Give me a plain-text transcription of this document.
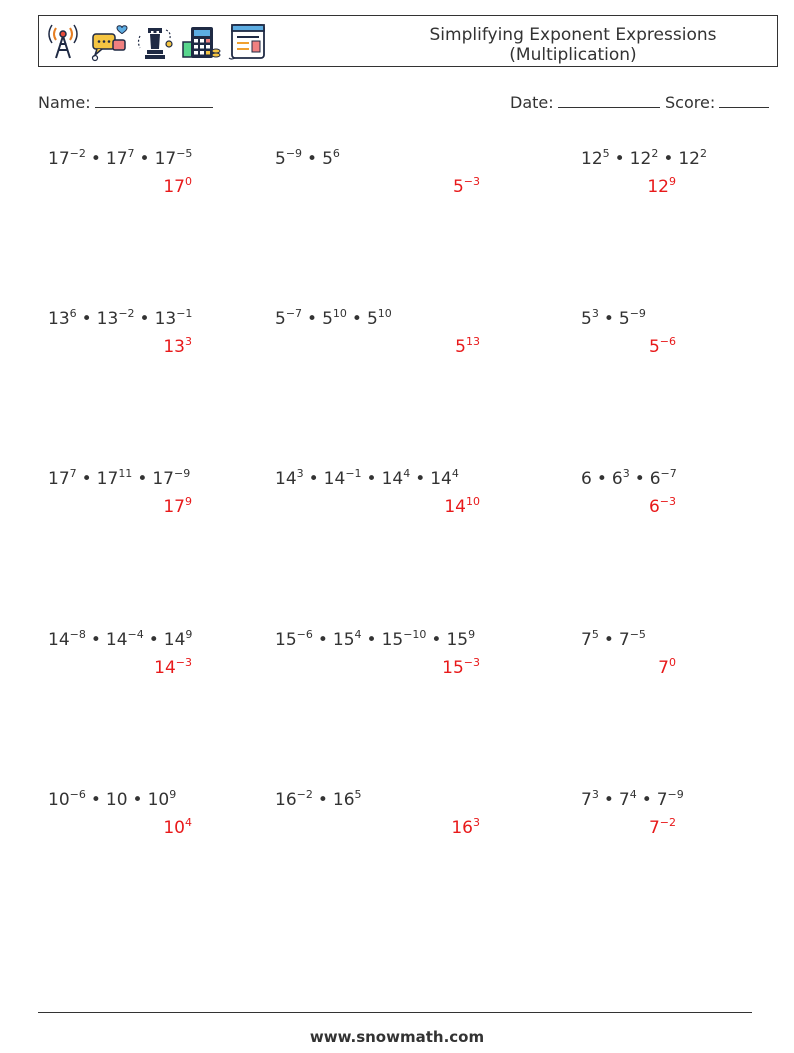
Simplifying Exponent Expressions
(Multiplication)
Name:	Date:	Score:
$17^{-2}$ • $17^7$ • $17^{-5}$
$17^0$
$5^{-9}$ • $5^6$
$5^{-3}$
$12^5$ • $12^2$ • $12^2$
$12^9$
$13^6$ • $13^{-2}$ • $13^{-1}$
$13^3$
$5^{-7}$ • $5^{10}$ • $5^{10}$
$5^{13}$
$5^3$ • $5^{-9}$
$5^{-6}$
$17^7$ • $17^{11}$ • $17^{-9}$
$17^9$
$14^3$ • $14^{-1}$ • $14^4$ • $14^4$
$14^{10}$
6 • $6^3$ • $6^{-7}$
$6^{-3}$
$14^{-8}$ • $14^{-4}$ • $14^9$
$14^{-3}$
$15^{-6}$ • $15^4$ • $15^{-10}$ • $15^9$
$15^{-3}$
$7^5$ • $7^{-5}$
$7^0$
$10^{-6}$ • 10 • $10^9$
$10^4$
$16^{-2}$ • $16^5$
$16^3$
$7^3$ • $7^4$ • $7^{-9}$
$7^{-2}$
www.snowmath.com
